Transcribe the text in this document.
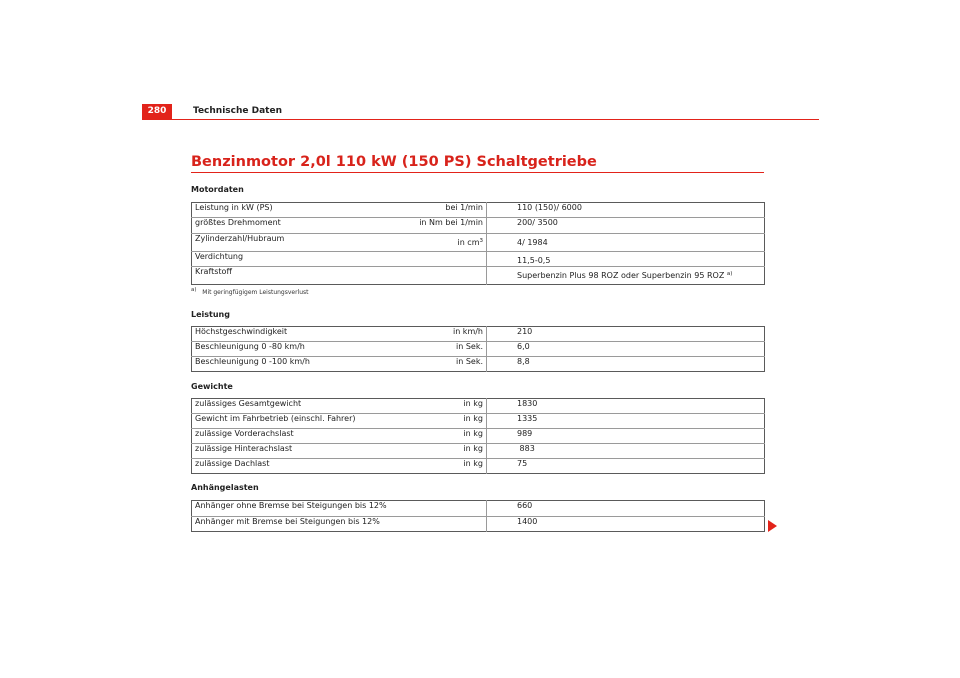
280	Technische Daten
Benzinmotor 2,0l 110 kW (150 PS) Schaltgetriebe
Motordaten
Leistung in kW (PS)	bei 1/min	110 (150)/ 6000
größtes Drehmoment	in Nm bei 1/min	200/ 3500
Zylinderzahl/Hubraum	in $cm^3$	4/ 1984
Verdichtung		11,5-0,5
Kraftstoff		Superbenzin Plus 98 ROZ oder Superbenzin 95 ROZ $^{a)}$
a) Mit geringfügigem Leistungsverlust
Leistung
Höchstgeschwindigkeit	in km/h	210
Beschleunigung 0 -80 km/h	in Sek.	6,0
Beschleunigung 0 -100 km/h	in Sek.	8,8
Gewichte
zulässiges Gesamtgewicht	in kg	1830
Gewicht im Fahrbetrieb (einschl. Fahrer)	in kg	1335
zulässige Vorderachslast	in kg	989
zulässige Hinterachslast	in kg	883
zulässige Dachlast	in kg	75
Anhängelasten
Anhänger ohne Bremse bei Steigungen bis 12%		660
Anhänger mit Bremse bei Steigungen bis 12%		1400
